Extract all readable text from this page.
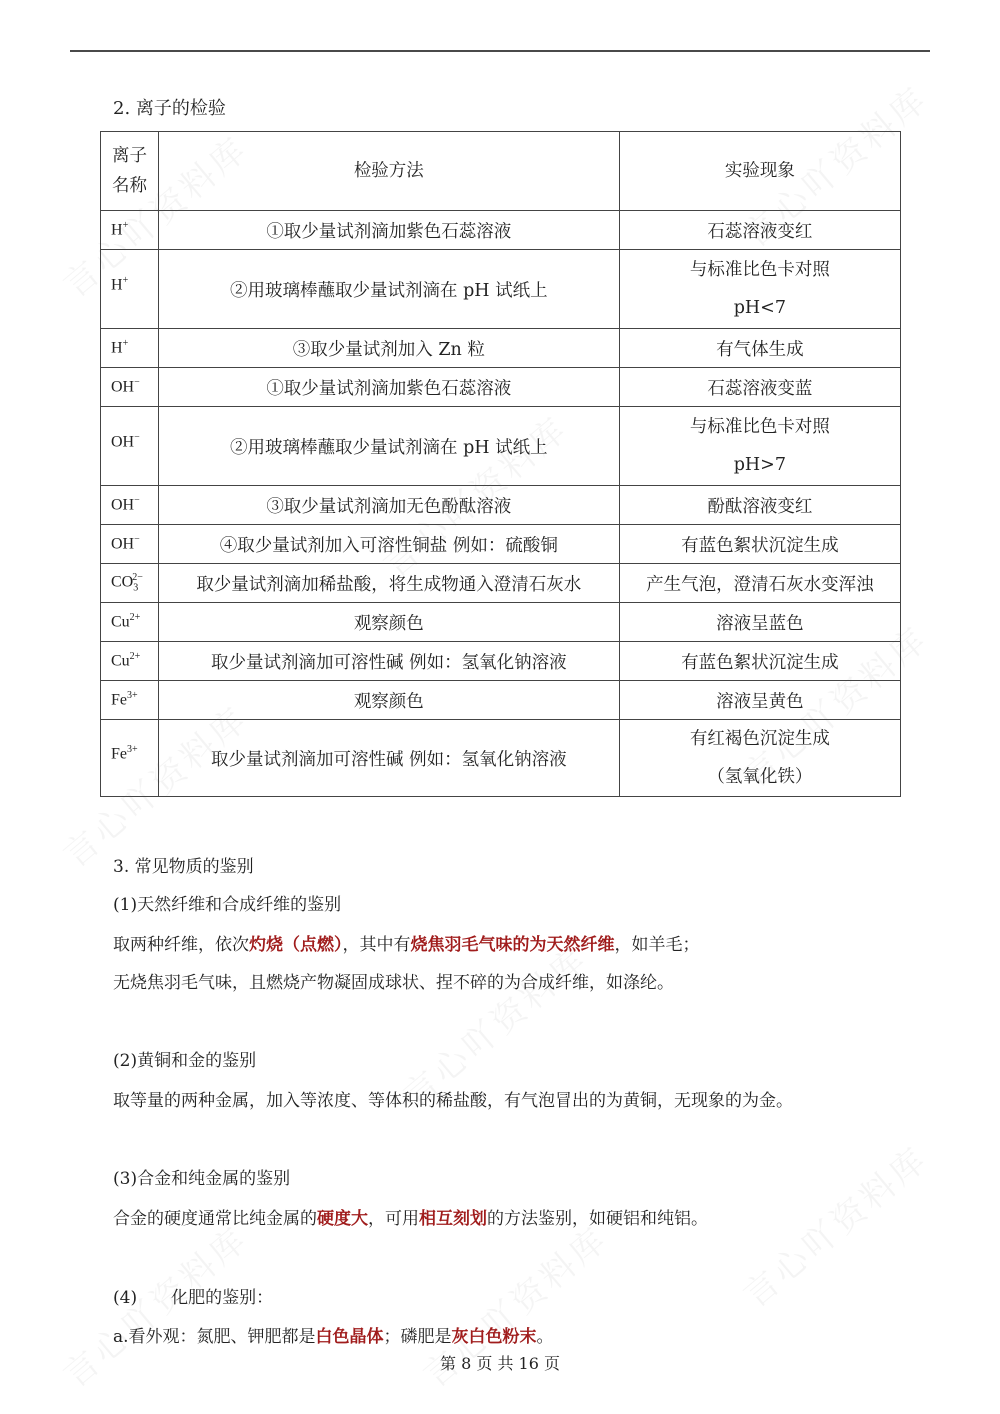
2. 离子的检验
离子
名称	检验方法	实验现象
H+	①取少量试剂滴加紫色石蕊溶液	石蕊溶液变红

H+	②用玻璃棒蘸取少量试剂滴在 pH 试纸上	与标准比色卡对照
pH<7

H+	③取少量试剂加入 Zn 粒	有气体生成

OH−	①取少量试剂滴加紫色石蕊溶液	石蕊溶液变蓝

OH−	②用玻璃棒蘸取少量试剂滴在 pH 试纸上	与标准比色卡对照
pH>7

OH−	③取少量试剂滴加无色酚酞溶液	酚酞溶液变红

OH−	④取少量试剂加入可溶性铜盐 例如：硫酸铜	有蓝色絮状沉淀生成

$CO_3^{2-}$	取少量试剂滴加稀盐酸，将生成物通入澄清石灰水	产生气泡，澄清石灰水变浑浊

$Cu^{2+}$	观察颜色	溶液呈蓝色

$Cu^{2+}$	取少量试剂滴加可溶性碱 例如：氢氧化钠溶液	有蓝色絮状沉淀生成

$Fe^{3+}$	观察颜色	溶液呈黄色

$Fe^{3+}$	取少量试剂滴加可溶性碱 例如：氢氧化钠溶液	有红褐色沉淀生成
（氢氧化铁）
3. 常见物质的鉴别
(1)天然纤维和合成纤维的鉴别
取两种纤维，依次灼烧（点燃），其中有烧焦羽毛气味的为天然纤维，如羊毛；
无烧焦羽毛气味，且燃烧产物凝固成球状、捏不碎的为合成纤维，如涤纶。
(2)黄铜和金的鉴别
取等量的两种金属，加入等浓度、等体积的稀盐酸，有气泡冒出的为黄铜，无现象的为金。
(3)合金和纯金属的鉴别
合金的硬度通常比纯金属的硬度大，可用相互刻划的方法鉴别，如硬铝和纯铝。
(4) 化肥的鉴别：
a.看外观：氮肥、钾肥都是白色晶体；磷肥是灰白色粉末。
第 8 页 共 16 页
